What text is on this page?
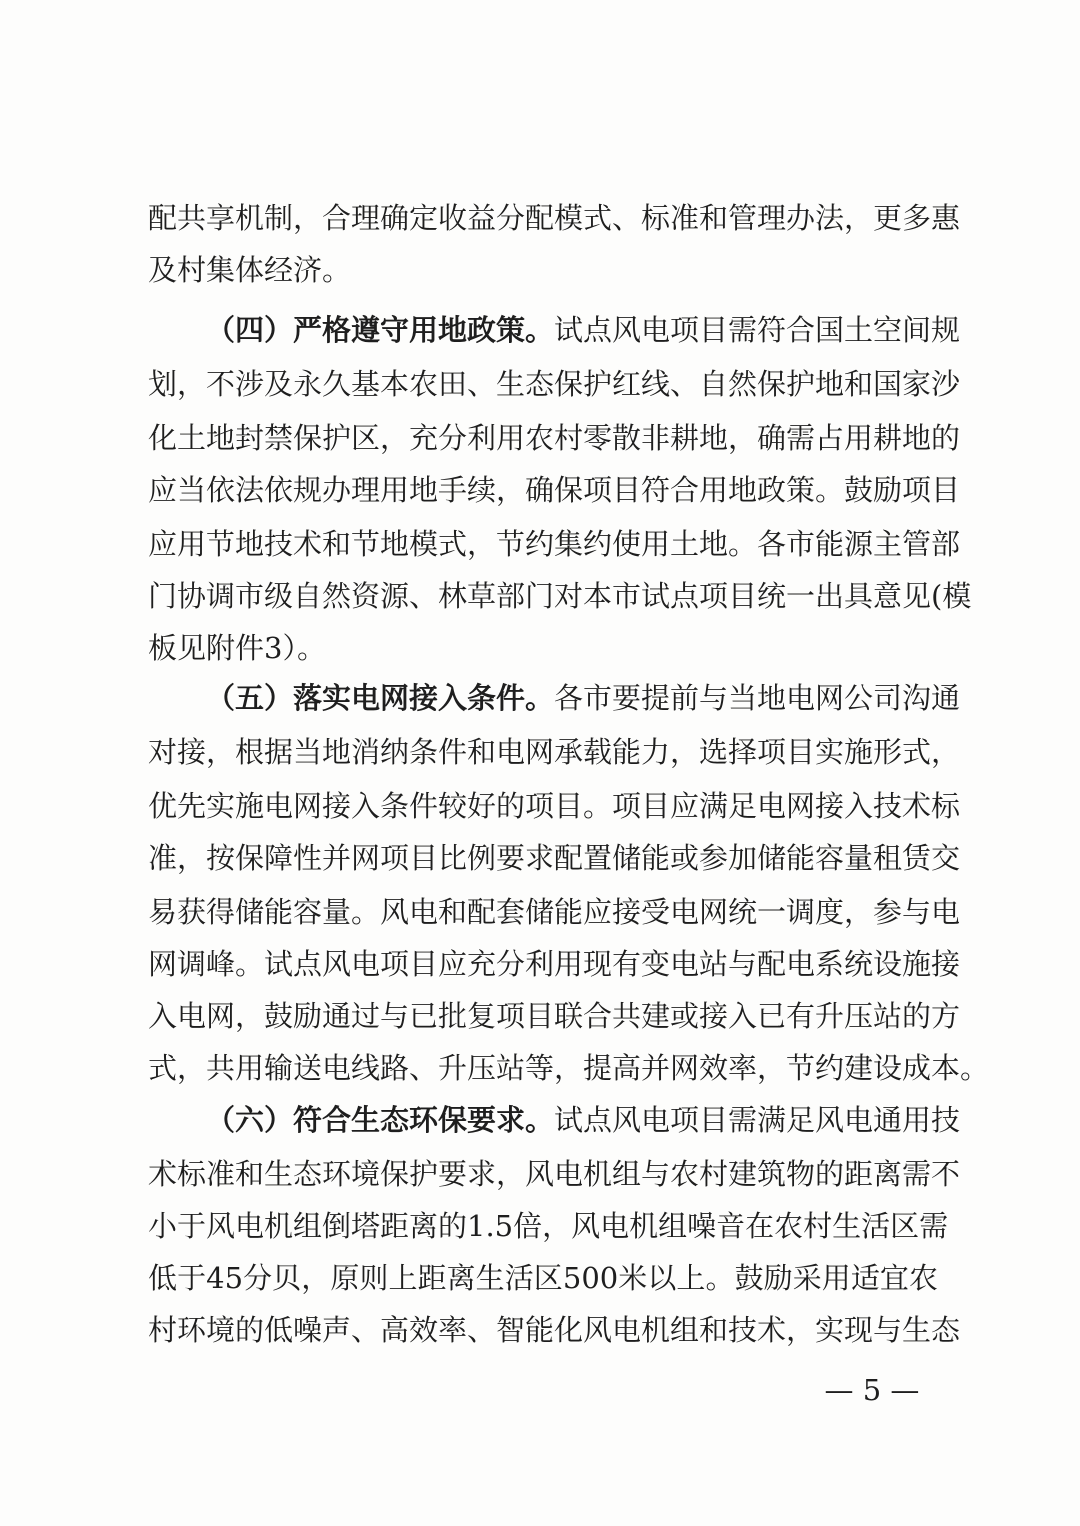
配共享机制，合理确定收益分配模式、标准和管理办法，更多惠
及村集体经济。
（四）严格遵守用地政策。试点风电项目需符合国土空间规
划，不涉及永久基本农田、生态保护红线、自然保护地和国家沙
化土地封禁保护区，充分利用农村零散非耕地，确需占用耕地的
应当依法依规办理用地手续，确保项目符合用地政策。鼓励项目
应用节地技术和节地模式，节约集约使用土地。各市能源主管部
门协调市级自然资源、林草部门对本市试点项目统一出具意见(模
板见附件3）。
（五）落实电网接入条件。各市要提前与当地电网公司沟通
对接，根据当地消纳条件和电网承载能力，选择项目实施形式，
优先实施电网接入条件较好的项目。项目应满足电网接入技术标
准，按保障性并网项目比例要求配置储能或参加储能容量租赁交
易获得储能容量。风电和配套储能应接受电网统一调度，参与电
网调峰。试点风电项目应充分利用现有变电站与配电系统设施接
入电网，鼓励通过与已批复项目联合共建或接入已有升压站的方
式，共用输送电线路、升压站等，提高并网效率，节约建设成本。
（六）符合生态环保要求。试点风电项目需满足风电通用技
术标准和生态环境保护要求，风电机组与农村建筑物的距离需不
小于风电机组倒塔距离的1.5倍，风电机组噪音在农村生活区需
低于45分贝，原则上距离生活区500米以上。鼓励采用适宜农
村环境的低噪声、高效率、智能化风电机组和技术，实现与生态
— 5 —
